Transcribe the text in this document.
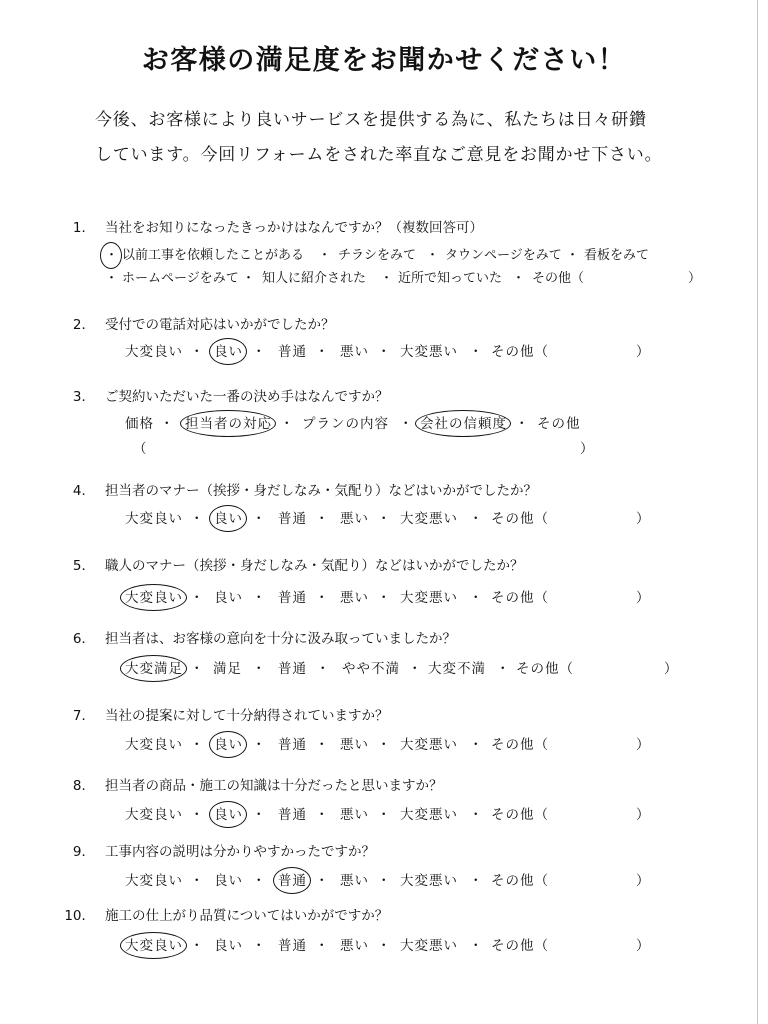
お客様の満足度をお聞かせください！
今後、お客様により良いサービスを提供する為に、私たちは日々研鑽
しています。今回リフォームをされた率直なご意見をお聞かせ下さい。
1． 当社をお知りになったきっかけはなんですか？（複数回答可）
・ 以前工事を依頼したことがある ・ チラシをみて ・ タウンページをみて ・ 看板をみて
・ ホームページをみて ・ 知人に紹介された ・ 近所で知っていた ・ その他（	）
2． 受付での電話対応はいかがでしたか？
大変良い ・ 良い ・ 普通 ・ 悪い ・ 大変悪い ・ その他（	）
3． ご契約いただいた一番の決め手はなんですか？
価格 ・ 担当者の対応 ・ プランの内容 ・ 会社の信頼度 ・ その他
（	）
4． 担当者のマナー（挨拶・身だしなみ・気配り）などはいかがでしたか？
大変良い ・ 良い ・ 普通 ・ 悪い ・ 大変悪い ・ その他（	）
5． 職人のマナー（挨拶・身だしなみ・気配り）などはいかがでしたか？
大変良い ・ 良い ・ 普通 ・ 悪い ・ 大変悪い ・ その他（	）
6． 担当者は、お客様の意向を十分に汲み取っていましたか？
大変満足 ・ 満足 ・ 普通 ・ やや不満 ・ 大変不満 ・ その他（	）
7． 当社の提案に対して十分納得されていますか？
大変良い ・ 良い ・ 普通 ・ 悪い ・ 大変悪い ・ その他（	）
8． 担当者の商品・施工の知識は十分だったと思いますか？
大変良い ・ 良い ・ 普通 ・ 悪い ・ 大変悪い ・ その他（	）
9． 工事内容の説明は分かりやすかったですか？
大変良い ・ 良い ・ 普通 ・ 悪い ・ 大変悪い ・ その他（	）
10． 施工の仕上がり品質についてはいかがですか？
大変良い ・ 良い ・ 普通 ・ 悪い ・ 大変悪い ・ その他（	）
